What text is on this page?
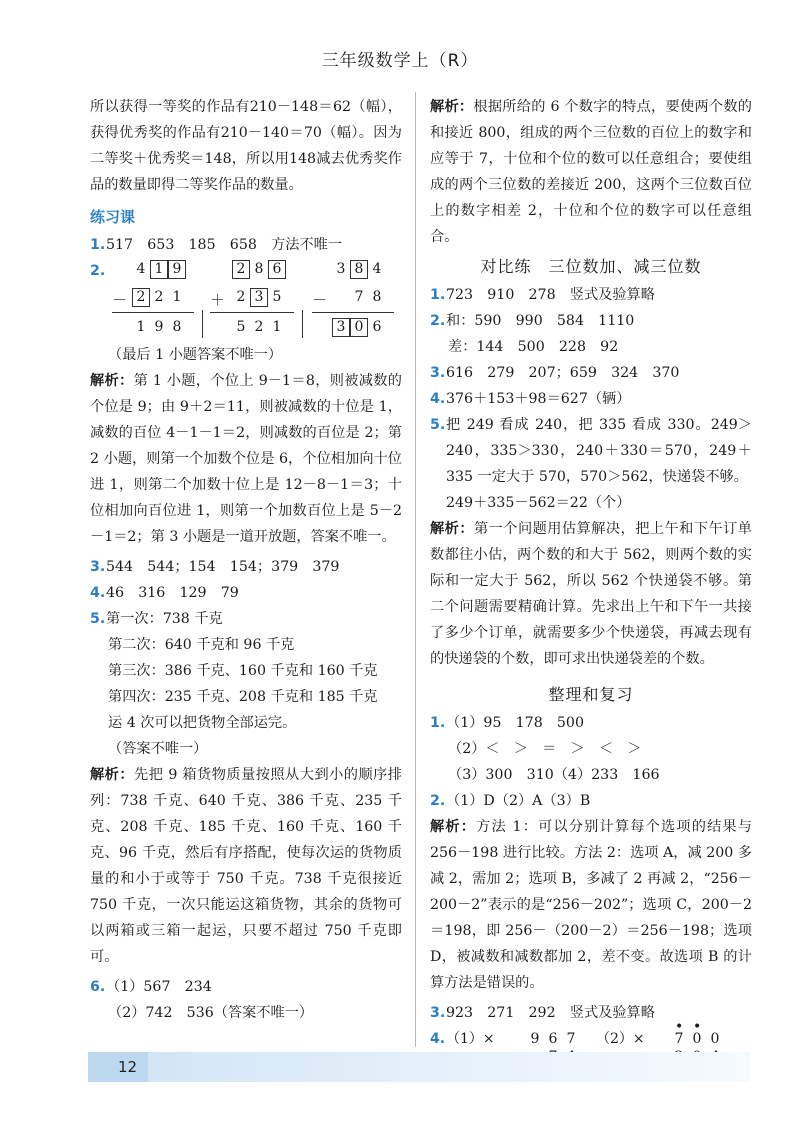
三年级数学上（R）

所以获得一等奖的作品有210－148＝62（幅），获得优秀奖的作品有210－140＝70（幅）。因为二等奖＋优秀奖＝148，所以用148减去优秀奖作品的数量即得二等奖作品的数量。

练习课

1.517　653　185　658　方法不唯一

2.	4 1 9
－ 2 2 1
1 9 8
2 8 6
＋ 2 3 5
5 2 1
3 8 4
－	7 8
3 0 6

（最后 1 小题答案不唯一）

解析：第 1 小题，个位上 9－1＝8，则被减数的个位是 9；由 9＋2＝11，则被减数的十位是 1，减数的百位 4－1－1＝2，则减数的百位是 2；第 2 小题，则第一个加数个位是 6，个位相加向十位进 1，则第二个加数十位上是 12－8－1＝3；十位相加向百位进 1，则第一个加数百位上是 5－2－1＝2；第 3 小题是一道开放题，答案不唯一。

3.544　544；154　154；379　379

4.46　316　129　79

5.第一次：738 千克

第二次：640 千克和 96 千克

第三次：386 千克、160 千克和 160 千克

第四次：235 千克、208 千克和 185 千克

运 4 次可以把货物全部运完。

（答案不唯一）

解析：先把 9 箱货物质量按照从大到小的顺序排列：738 千克、640 千克、386 千克、235 千克、208 千克、185 千克、160 千克、160 千克、96 千克，然后有序搭配，使每次运的货物质量的和小于或等于 750 千克。738 千克很接近 750 千克，一次只能运这箱货物，其余的货物可以两箱或三箱一起运，只要不超过 750 千克即可。

6.（1）567　234

（2）742　536（答案不唯一）

解析：根据所给的 6 个数字的特点，要使两个数的和接近 800，组成的两个三位数的百位上的数字和应等于 7，十位和个位的数可以任意组合；要使组成的两个三位数的差接近 200，这两个三位数百位上的数字相差 2，十位和个位的数字可以任意组合。

对比练　三位数加、减三位数

1.723　910　278　竖式及验算略

2.和：590　990　584　1110

差：144　500　228　92

3.616　279　207；659　324　370

4.376＋153＋98＝627（辆）

5. 把 249 看成 240，把 335 看成 330。249＞240，335＞330，240＋330＝570，249＋335 一定大于 570，570＞562，快递袋不够。

249＋335－562＝22（个）

解析：第一个问题用估算解决，把上午和下午订单数都往小估，两个数的和大于 562，则两个数的实际和一定大于 562，所以 562 个快递袋不够。第二个问题需要精确计算。先求出上午和下午一共接了多少个订单，就需要多少个快递袋，再减去现有的快递袋的个数，即可求出快递袋差的个数。

整理和复习

1.（1）95　178　500

（2）＜　＞　＝　＞　＜　＞

（3）300　310（4）233　166

2.（1）D（2）A（3）B

解析：方法 1：可以分别计算每个选项的结果与 256－198 进行比较。方法 2：选项 A，减 200 多减 2，需加 2；选项 B，多减了 2 再减 2，“256－200－2”表示的是“256－202”；选项 C，200－2＝198，即 256－（200－2）＝256－198；选项 D，被减数和减数都加 2，差不变。故选项 B 的计算方法是错误的。

3.923　271　292　竖式及验算略

4. （1）×	9 6 7	（2）×
• •
7 0 0
12
